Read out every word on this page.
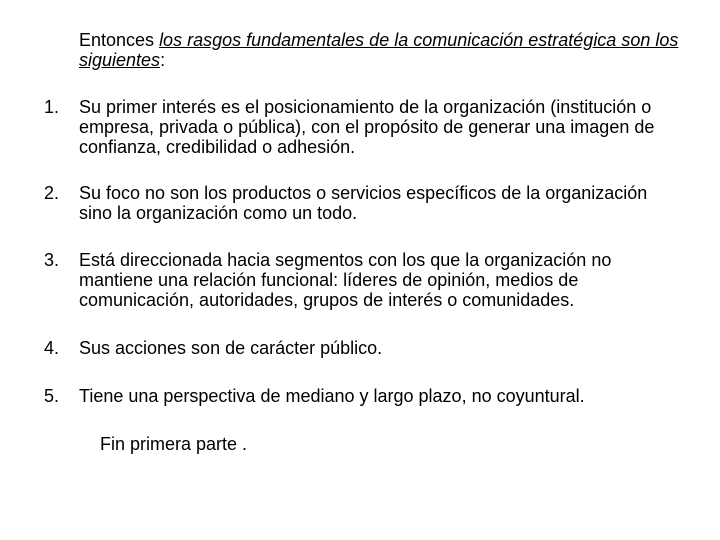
Entonces los rasgos fundamentales de la comunicación estratégica son los siguientes:
1. Su primer interés es el posicionamiento de la organización (institución o empresa, privada o pública), con el propósito de generar una imagen de confianza, credibilidad o adhesión.
2. Su foco no son los productos o servicios específicos de la organización sino la organización como un todo.
3. Está direccionada hacia segmentos con los que la organización no mantiene una relación funcional: líderes de opinión, medios de comunicación, autoridades, grupos de interés o comunidades.
4. Sus acciones son de carácter público.
5. Tiene una perspectiva de mediano y largo plazo, no coyuntural.
Fin primera parte .
